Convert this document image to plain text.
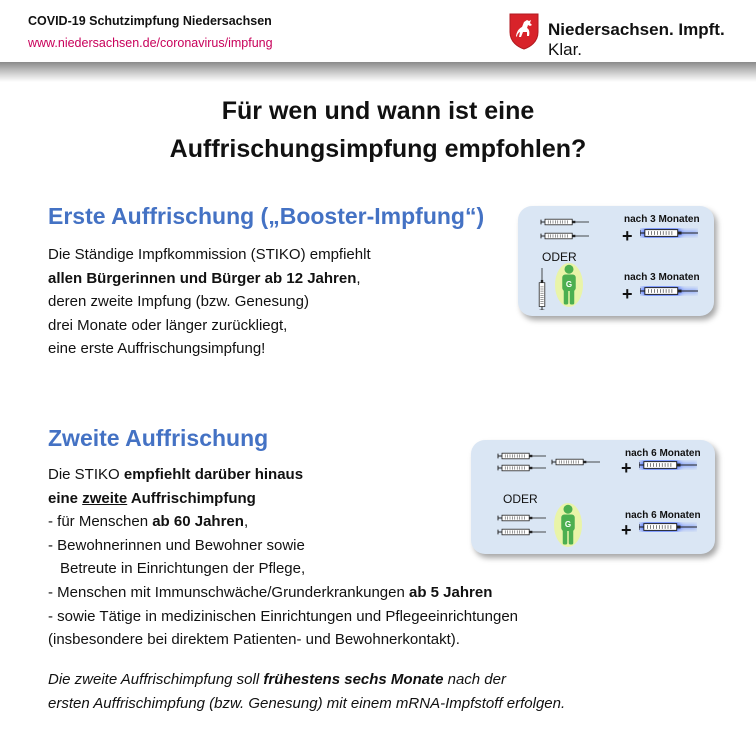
COVID-19 Schutzimpfung Niedersachsen
www.niedersachsen.de/coronavirus/impfung
Niedersachsen. Impft. Klar.
Für wen und wann ist eine
Auffrischungsimpfung empfohlen?
Erste Auffrischung („Booster-Impfung“)
Die Ständige Impfkommission (STIKO) empfiehlt
allen Bürgerinnen und Bürger ab 12 Jahren,
deren zweite Impfung (bzw. Genesung)
drei Monate oder länger zurückliegt,
eine erste Auffrischungsimpfung!
nach 3 Monaten
+
ODER
G
nach 3 Monaten
+
Zweite Auffrischung
Die STIKO empfiehlt darüber hinaus
eine zweite Auffrischimpfung
- für Menschen ab 60 Jahren,
- Bewohnerinnen und Bewohner sowie
Betreute in Einrichtungen der Pflege,
- Menschen mit Immunschwäche/Grunderkrankungen ab 5 Jahren
- sowie Tätige in medizinischen Einrichtungen und Pflegeeinrichtungen
(insbesondere bei direktem Patienten- und Bewohnerkontakt).
nach 6 Monaten
+
ODER
G
nach 6 Monaten
+
Die zweite Auffrischimpfung soll frühestens sechs Monate nach der
ersten Auffrischimpfung (bzw. Genesung) mit einem mRNA-Impfstoff erfolgen.
